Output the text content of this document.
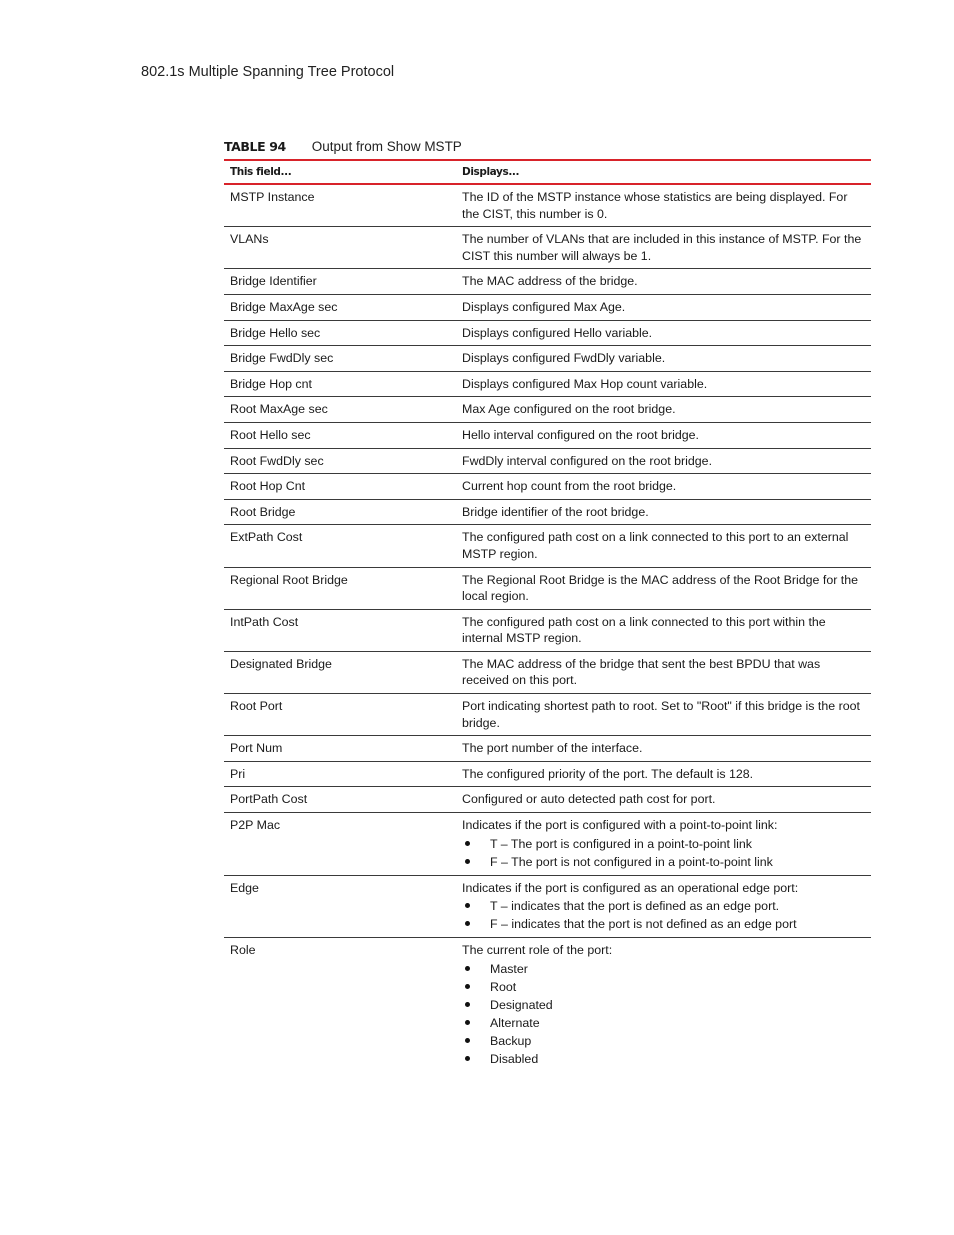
802.1s Multiple Spanning Tree Protocol
TABLE 94 Output from Show MSTP
This field...	Displays...
MSTP Instance	The ID of the MSTP instance whose statistics are being displayed. For the CIST, this number is 0.
VLANs	The number of VLANs that are included in this instance of MSTP. For the CIST this number will always be 1.
Bridge Identifier	The MAC address of the bridge.
Bridge MaxAge sec	Displays configured Max Age.
Bridge Hello sec	Displays configured Hello variable.
Bridge FwdDly sec	Displays configured FwdDly variable.
Bridge Hop cnt	Displays configured Max Hop count variable.
Root MaxAge sec	Max Age configured on the root bridge.
Root Hello sec	Hello interval configured on the root bridge.
Root FwdDly sec	FwdDly interval configured on the root bridge.
Root Hop Cnt	Current hop count from the root bridge.
Root Bridge	Bridge identifier of the root bridge.
ExtPath Cost	The configured path cost on a link connected to this port to an external MSTP region.
Regional Root Bridge	The Regional Root Bridge is the MAC address of the Root Bridge for the local region.
IntPath Cost	The configured path cost on a link connected to this port within the internal MSTP region.
Designated Bridge	The MAC address of the bridge that sent the best BPDU that was received on this port.
Root Port	Port indicating shortest path to root. Set to "Root" if this bridge is the root bridge.
Port Num	The port number of the interface.
Pri	The configured priority of the port. The default is 128.
PortPath Cost	Configured or auto detected path cost for port.
P2P Mac	Indicates if the port is configured with a point-to-point link:
T – The port is configured in a point-to-point link
F – The port is not configured in a point-to-point link
Edge	Indicates if the port is configured as an operational edge port:
T – indicates that the port is defined as an edge port.
F – indicates that the port is not defined as an edge port
Role	The current role of the port:
Master
Root
Designated
Alternate
Backup
Disabled
